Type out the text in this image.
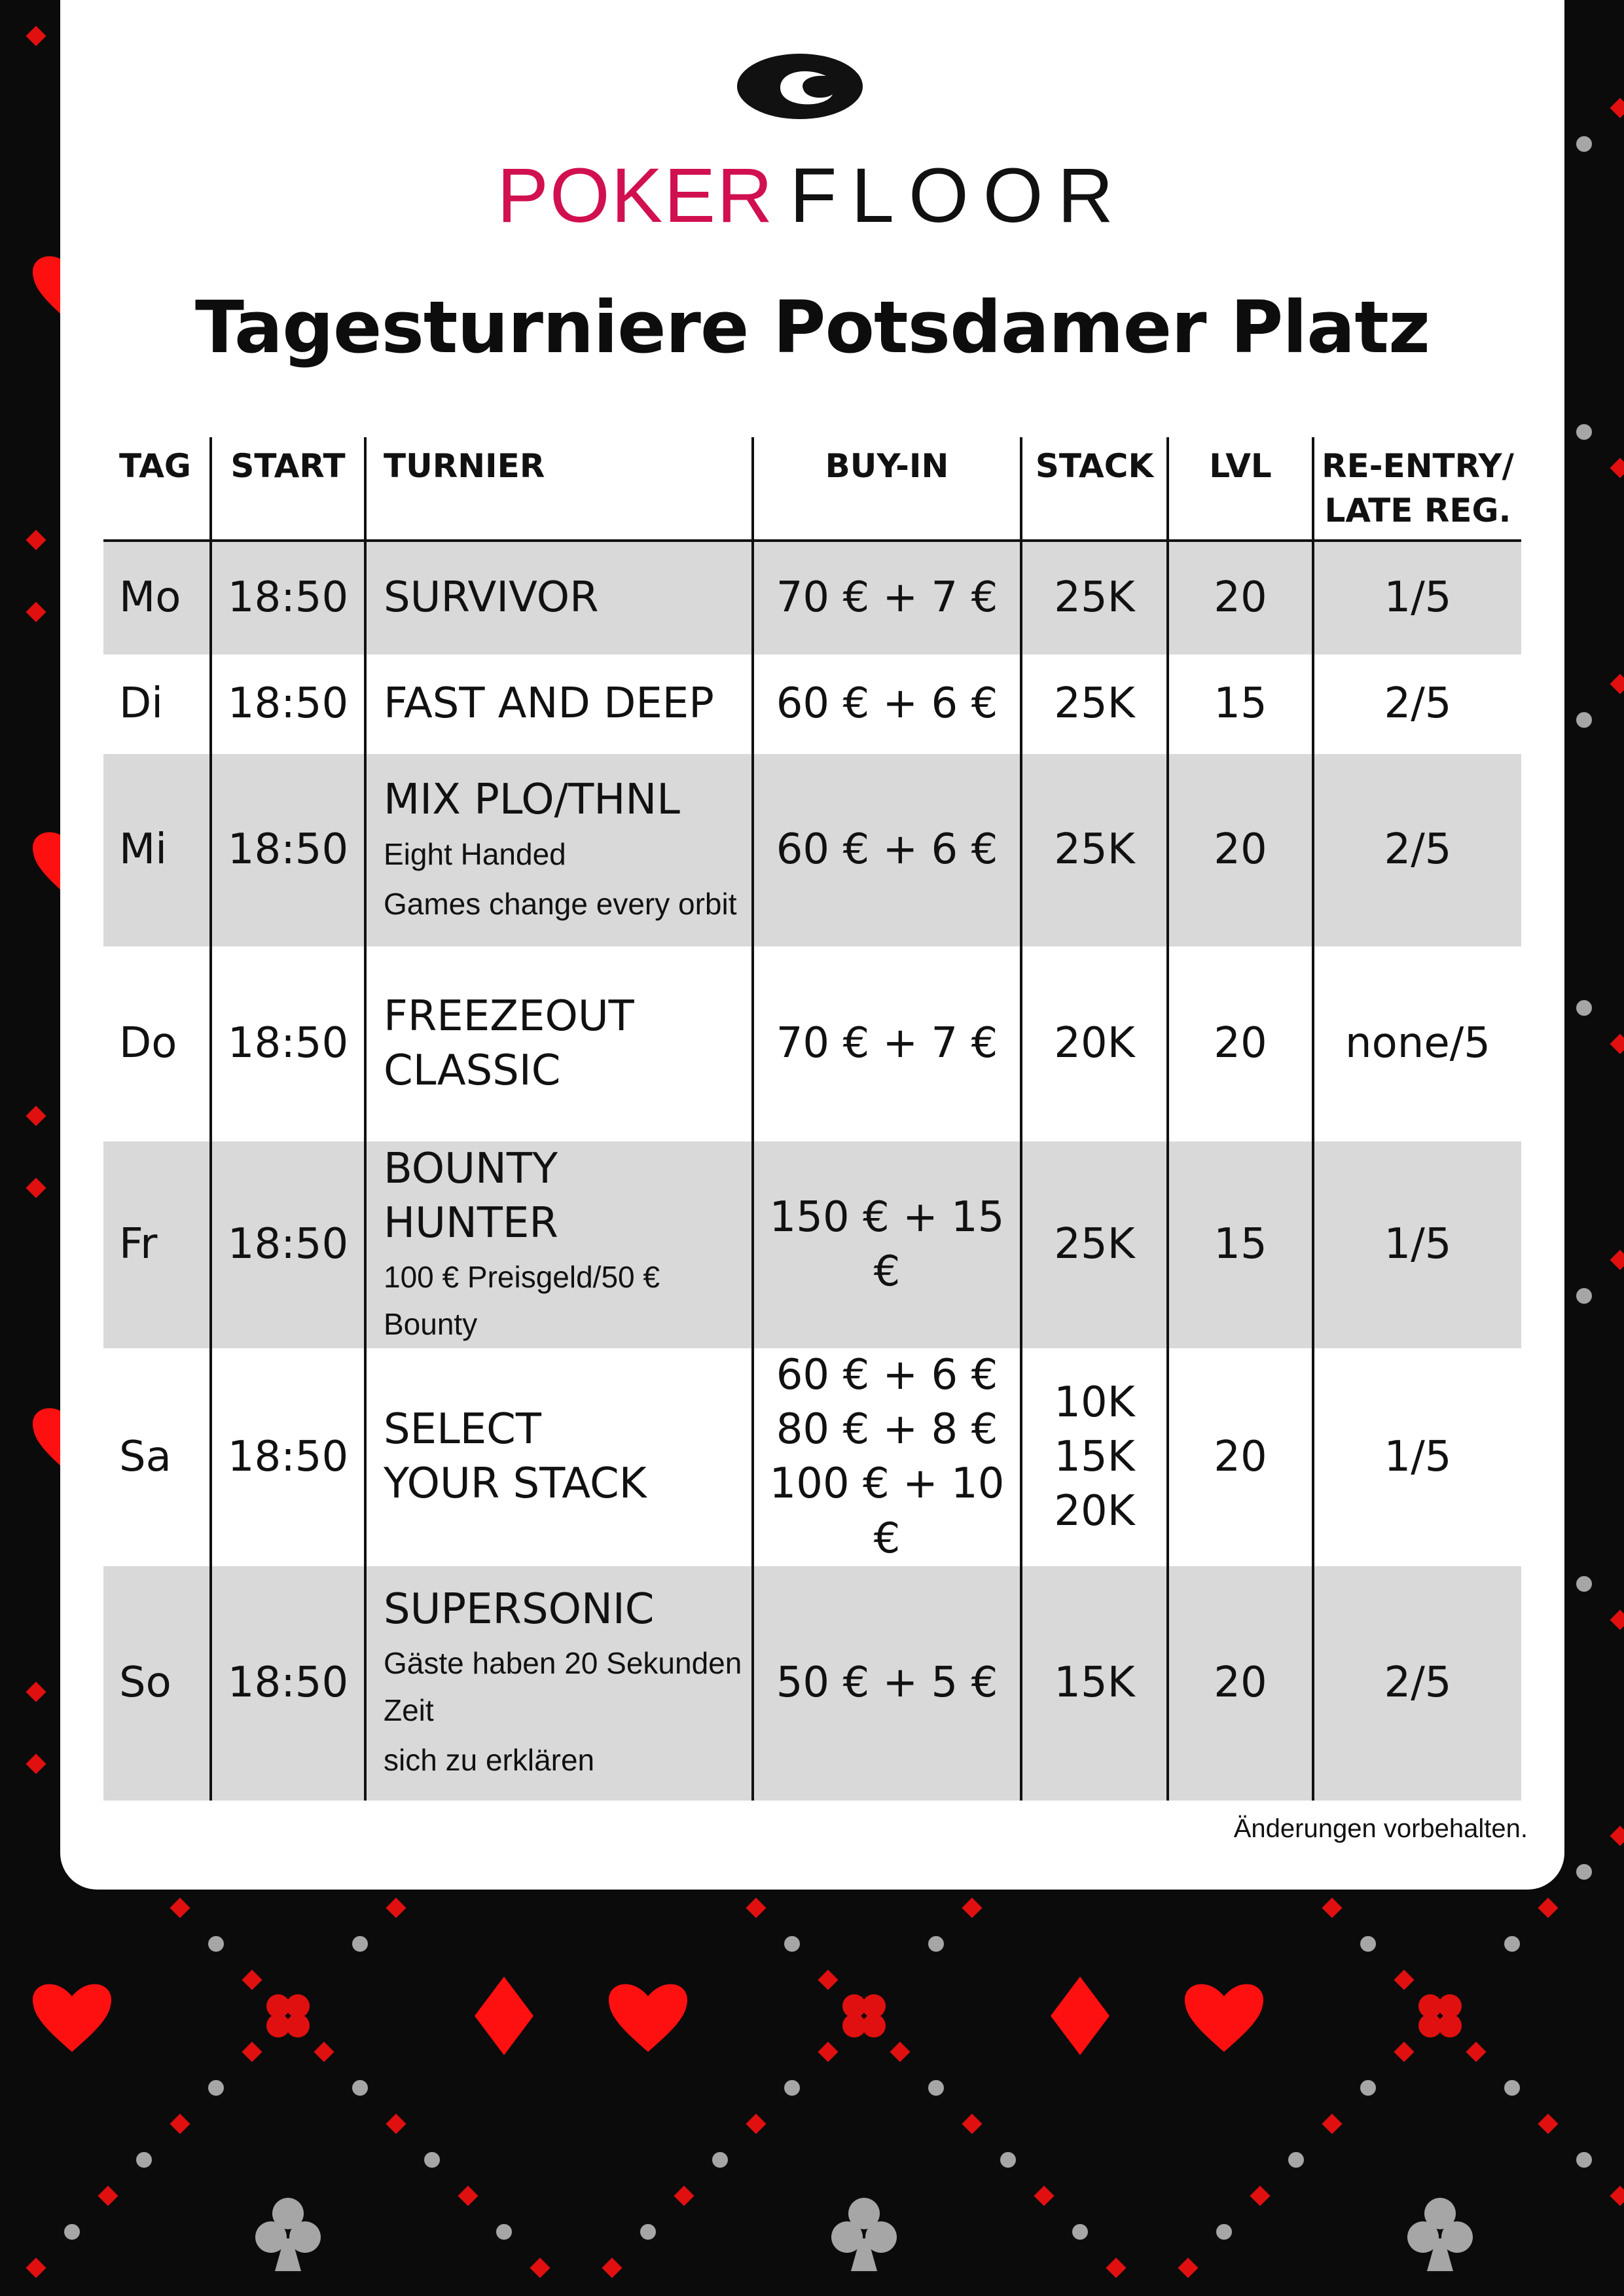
POKER FLOOR
Tagesturniere Potsdamer Platz
TAG	START	TURNIER	BUY-IN	STACK	LVL	RE-ENTRY/
LATE REG.

Mo	18:50	SURVIVOR	70 € + 7 €	25K	20	1/5
Di	18:50	FAST AND DEEP	60 € + 6 €	25K	15	2/5
Mi	18:50	MIX PLO/THNL
Eight Handed
Games change every orbit	60 € + 6 €	25K	20	2/5
Do	18:50	FREEZEOUT
CLASSIC	70 € + 7 €	20K	20	none/5
Fr	18:50	BOUNTY HUNTER
100 € Preisgeld/50 € Bounty	150 € + 15 €	25K	15	1/5
Sa	18:50	SELECT
YOUR STACK	60 € + 6 €
80 € + 8 €
100 € + 10 €	10K
15K
20K	20	1/5
So	18:50	SUPERSONIC
Gäste haben 20 Sekunden Zeit
sich zu erklären	50 € + 5 €	15K	20	2/5
Änderungen vorbehalten.
